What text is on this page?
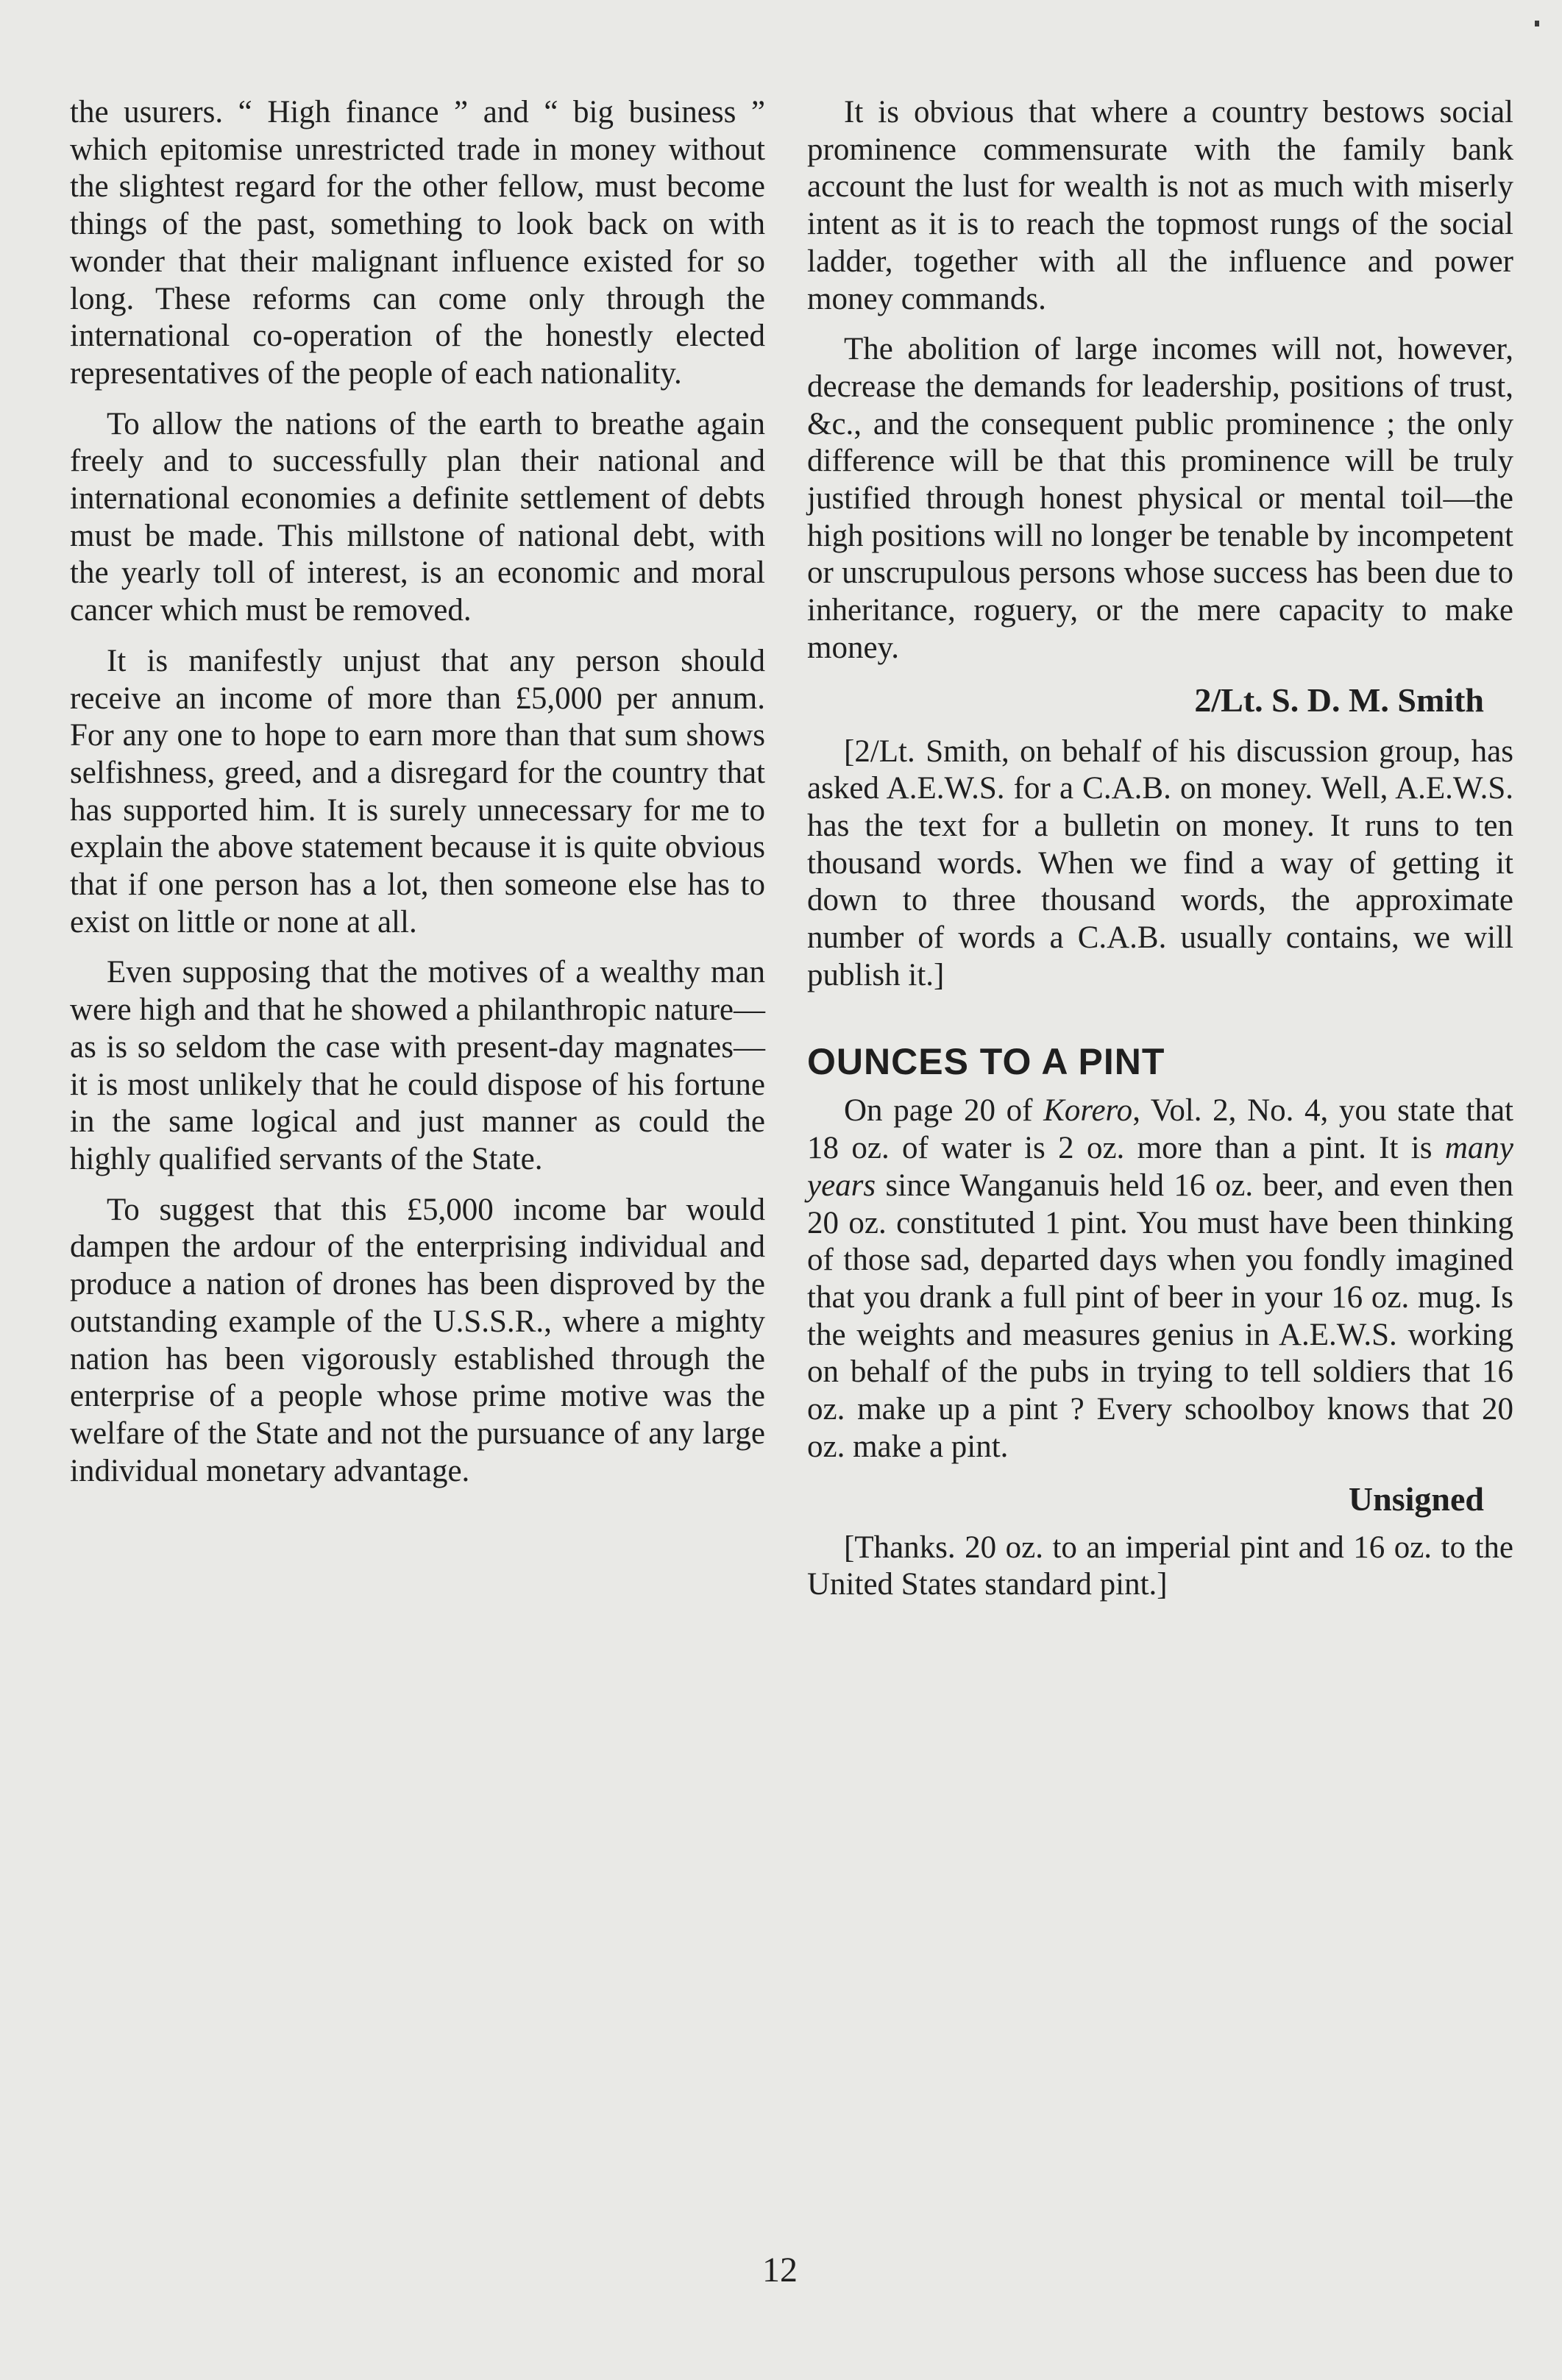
the usurers. “ High finance ” and “ big business ” which epitomise unrestricted trade in money without the slightest regard for the other fellow, must become things of the past, something to look back on with wonder that their malignant influence existed for so long. These reforms can come only through the international co-operation of the honestly elected representatives of the people of each nationality.

To allow the nations of the earth to breathe again freely and to successfully plan their national and international economies a definite settlement of debts must be made. This millstone of national debt, with the yearly toll of interest, is an economic and moral cancer which must be removed.

It is manifestly unjust that any person should receive an income of more than £5,000 per annum. For any one to hope to earn more than that sum shows selfishness, greed, and a disregard for the country that has supported him. It is surely unnecessary for me to explain the above statement because it is quite obvious that if one person has a lot, then someone else has to exist on little or none at all.

Even supposing that the motives of a wealthy man were high and that he showed a philanthropic nature—as is so seldom the case with present-day magnates—it is most unlikely that he could dispose of his fortune in the same logical and just manner as could the highly qualified servants of the State.

To suggest that this £5,000 income bar would dampen the ardour of the enterprising individual and produce a nation of drones has been disproved by the outstanding example of the U.S.S.R., where a mighty nation has been vigorously established through the enterprise of a people whose prime motive was the welfare of the State and not the pursuance of any large individual monetary advantage.

It is obvious that where a country bestows social prominence commensurate with the family bank account the lust for wealth is not as much with miserly intent as it is to reach the topmost rungs of the social ladder, together with all the influence and power money commands.

The abolition of large incomes will not, however, decrease the demands for leadership, positions of trust, &c., and the consequent public prominence ; the only difference will be that this prominence will be truly justified through honest physical or mental toil—the high positions will no longer be tenable by incompetent or unscrupulous persons whose success has been due to inheritance, roguery, or the mere capacity to make money.

2/Lt. S. D. M. Smith

[2/Lt. Smith, on behalf of his discussion group, has asked A.E.W.S. for a C.A.B. on money. Well, A.E.W.S. has the text for a bulletin on money. It runs to ten thousand words. When we find a way of getting it down to three thousand words, the approximate number of words a C.A.B. usually contains, we will publish it.]

OUNCES TO A PINT

On page 20 of Korero, Vol. 2, No. 4, you state that 18 oz. of water is 2 oz. more than a pint. It is many years since Wanganuis held 16 oz. beer, and even then 20 oz. constituted 1 pint. You must have been thinking of those sad, departed days when you fondly imagined that you drank a full pint of beer in your 16 oz. mug. Is the weights and measures genius in A.E.W.S. working on behalf of the pubs in trying to tell soldiers that 16 oz. make up a pint ? Every schoolboy knows that 20 oz. make a pint.

Unsigned

[Thanks. 20 oz. to an imperial pint and 16 oz. to the United States standard pint.]

12
